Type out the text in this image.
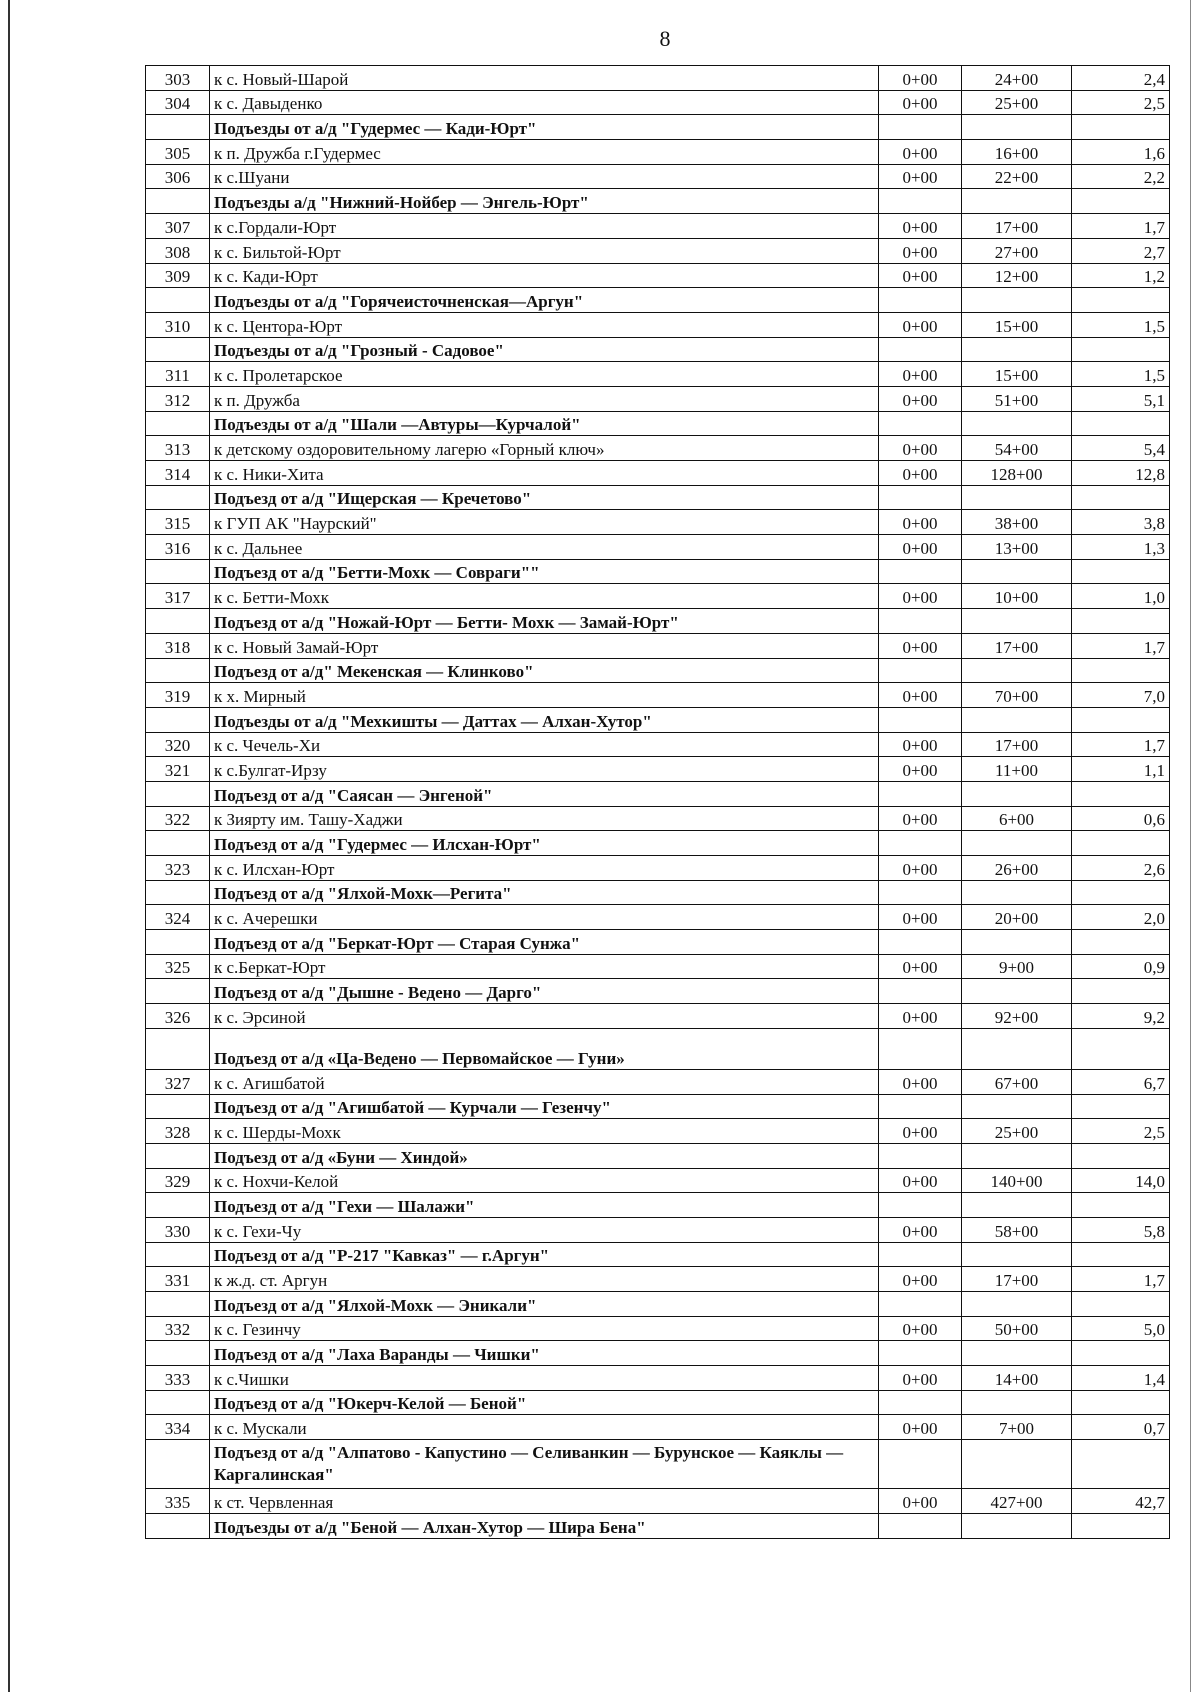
8
303	к с. Новый-Шарой	0+00	24+00	2,4
304	к с. Давыденко	0+00	25+00	2,5
	Подъезды от а/д "Гудермес — Кади-Юрт"			
305	к п. Дружба г.Гудермес	0+00	16+00	1,6
306	к с.Шуани	0+00	22+00	2,2
	Подъезды а/д "Нижний-Нойбер — Энгель-Юрт"			
307	к с.Гордали-Юрт	0+00	17+00	1,7
308	к с. Бильтой-Юрт	0+00	27+00	2,7
309	к с. Кади-Юрт	0+00	12+00	1,2
	Подъезды от а/д "Горячеисточненская—Аргун"			
310	к с. Центора-Юрт	0+00	15+00	1,5
	Подъезды от а/д "Грозный - Садовое"			
311	к с. Пролетарское	0+00	15+00	1,5
312	к п. Дружба	0+00	51+00	5,1
	Подъезды от а/д "Шали —Автуры—Курчалой"			
313	к детскому оздоровительному лагерю «Горный ключ»	0+00	54+00	5,4
314	к с. Ники-Хита	0+00	128+00	12,8
	Подъезд от а/д "Ищерская — Кречетово"			
315	к ГУП АК "Наурский"	0+00	38+00	3,8
316	к с. Дальнее	0+00	13+00	1,3
	Подъезд от а/д "Бетти-Мохк — Совраги""			
317	к с. Бетти-Мохк	0+00	10+00	1,0
	Подъезд от а/д "Ножай-Юрт — Бетти- Мохк — Замай-Юрт"			
318	к с. Новый Замай-Юрт	0+00	17+00	1,7
	Подъезд от а/д" Мекенская — Клинково"			
319	к х. Мирный	0+00	70+00	7,0
	Подъезды от а/д "Мехкишты — Даттах — Алхан-Хутор"			
320	к с. Чечель-Хи	0+00	17+00	1,7
321	к с.Булгат-Ирзу	0+00	11+00	1,1
	Подъезд от а/д "Саясан — Энгеной"			
322	к Зиярту им. Ташу-Хаджи	0+00	6+00	0,6
	Подъезд от а/д "Гудермес — Илсхан-Юрт"			
323	к с. Илсхан-Юрт	0+00	26+00	2,6
	Подъезд от а/д "Ялхой-Мохк—Регита"			
324	к с. Ачерешки	0+00	20+00	2,0
	Подъезд от а/д "Беркат-Юрт — Старая Сунжа"			
325	к с.Беркат-Юрт	0+00	9+00	0,9
	Подъезд от а/д "Дышне - Ведено — Дарго"			
326	к с. Эрсиной	0+00	92+00	9,2
	Подъезд от а/д «Ца-Ведено — Первомайское — Гуни»			
327	к с. Агишбатой	0+00	67+00	6,7
	Подъезд от а/д "Агишбатой — Курчали — Гезенчу"			
328	к с. Шерды-Мохк	0+00	25+00	2,5
	Подъезд от а/д «Буни — Хиндой»			
329	к с. Нохчи-Келой	0+00	140+00	14,0
	Подъезд от а/д "Гехи — Шалажи"			
330	к с. Гехи-Чу	0+00	58+00	5,8
	Подъезд от а/д "Р-217 "Кавказ" — г.Аргун"			
331	к ж.д. ст. Аргун	0+00	17+00	1,7
	Подъезд от а/д "Ялхой-Мохк — Эникали"			
332	к с. Гезинчу	0+00	50+00	5,0
	Подъезд от а/д "Лаха Варанды — Чишки"			
333	к с.Чишки	0+00	14+00	1,4
	Подъезд от а/д "Юкерч-Келой — Беной"			
334	к с. Мускали	0+00	7+00	0,7
	Подъезд от а/д "Алпатово - Капустино — Селиванкин — Бурунское — Каяклы — Каргалинская"			
335	к ст. Червленная	0+00	427+00	42,7
	Подъезды от а/д "Беной — Алхан-Хутор — Шира Бена"			
